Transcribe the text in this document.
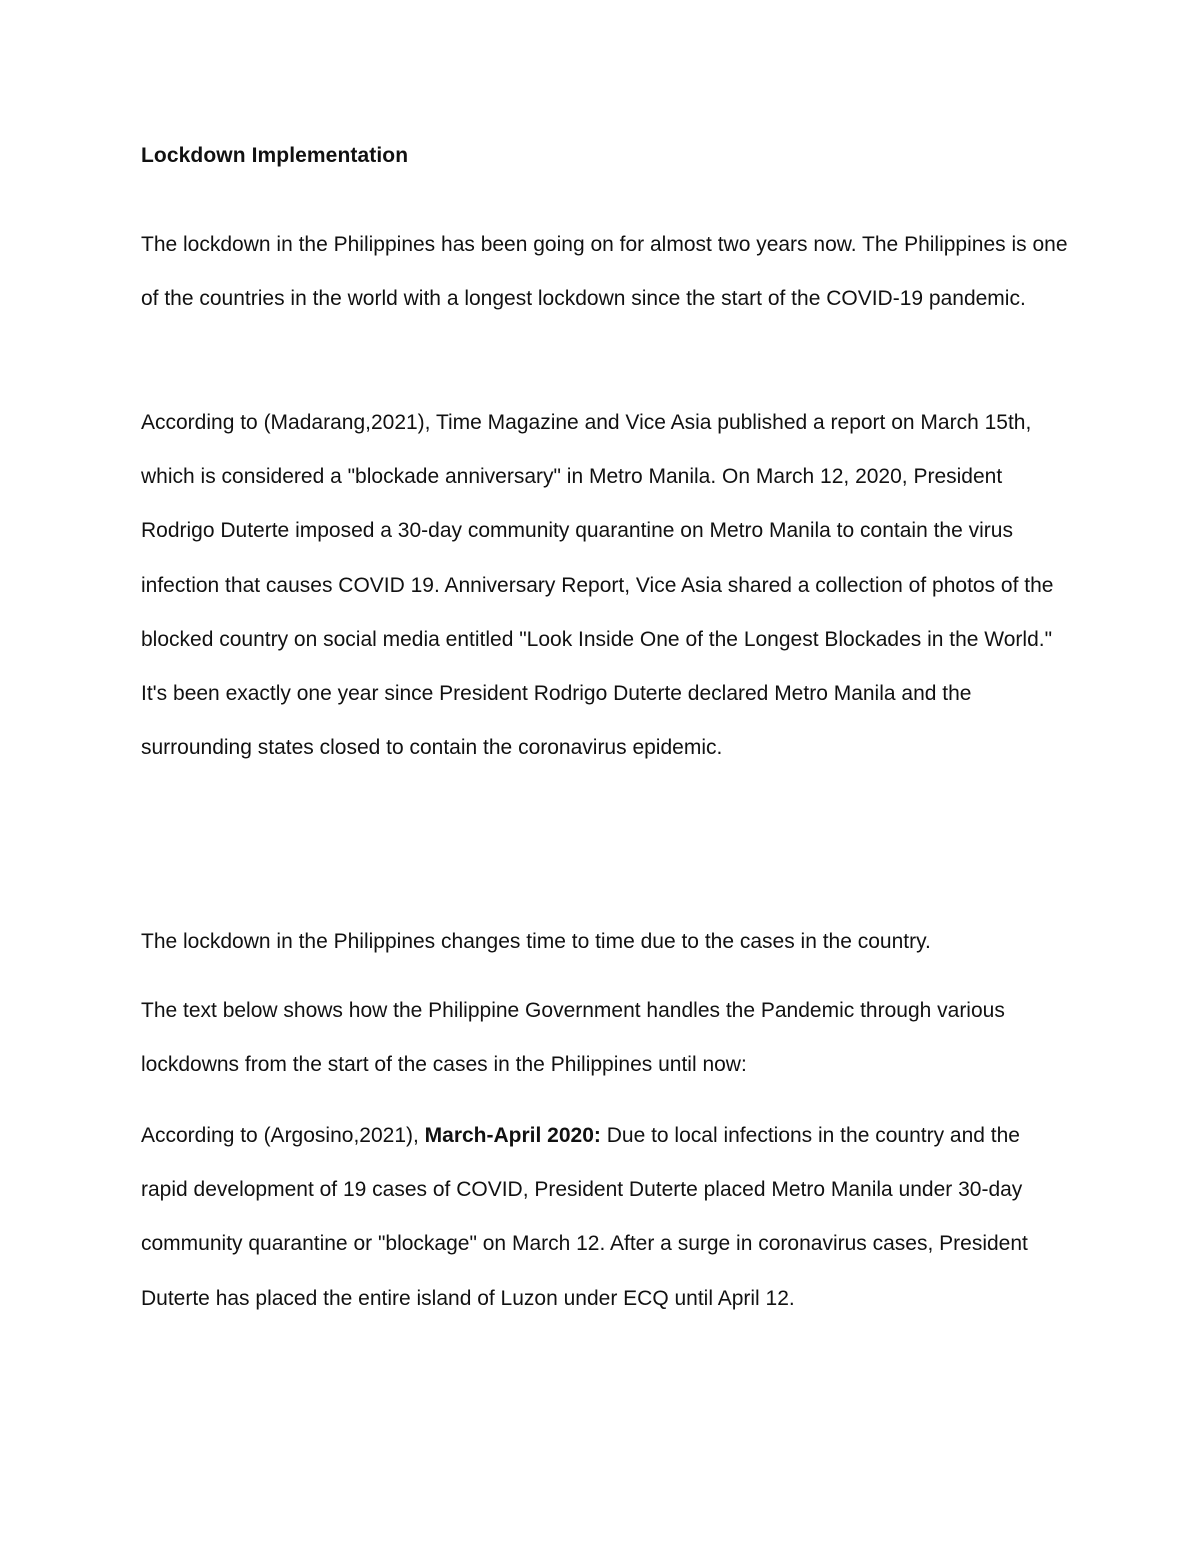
Lockdown Implementation

The lockdown in the Philippines has been going on for almost two years now. The Philippines is one of the countries in the world with a longest lockdown since the start of the COVID-19 pandemic.

According to (Madarang,2021), Time Magazine and Vice Asia published a report on March 15th, which is considered a "blockade anniversary" in Metro Manila. On March 12, 2020, President Rodrigo Duterte imposed a 30-day community quarantine on Metro Manila to contain the virus infection that causes COVID 19. Anniversary Report, Vice Asia shared a collection of photos of the blocked country on social media entitled "Look Inside One of the Longest Blockades in the World." It's been exactly one year since President Rodrigo Duterte declared Metro Manila and the surrounding states closed to contain the coronavirus epidemic.

The lockdown in the Philippines changes time to time due to the cases in the country.

The text below shows how the Philippine Government handles the Pandemic through various lockdowns from the start of the cases in the Philippines until now:

According to (Argosino,2021), March-April 2020: Due to local infections in the country and the rapid development of 19 cases of COVID, President Duterte placed Metro Manila under 30-day community quarantine or "blockage" on March 12. After a surge in coronavirus cases, President Duterte has placed the entire island of Luzon under ECQ until April 12.
